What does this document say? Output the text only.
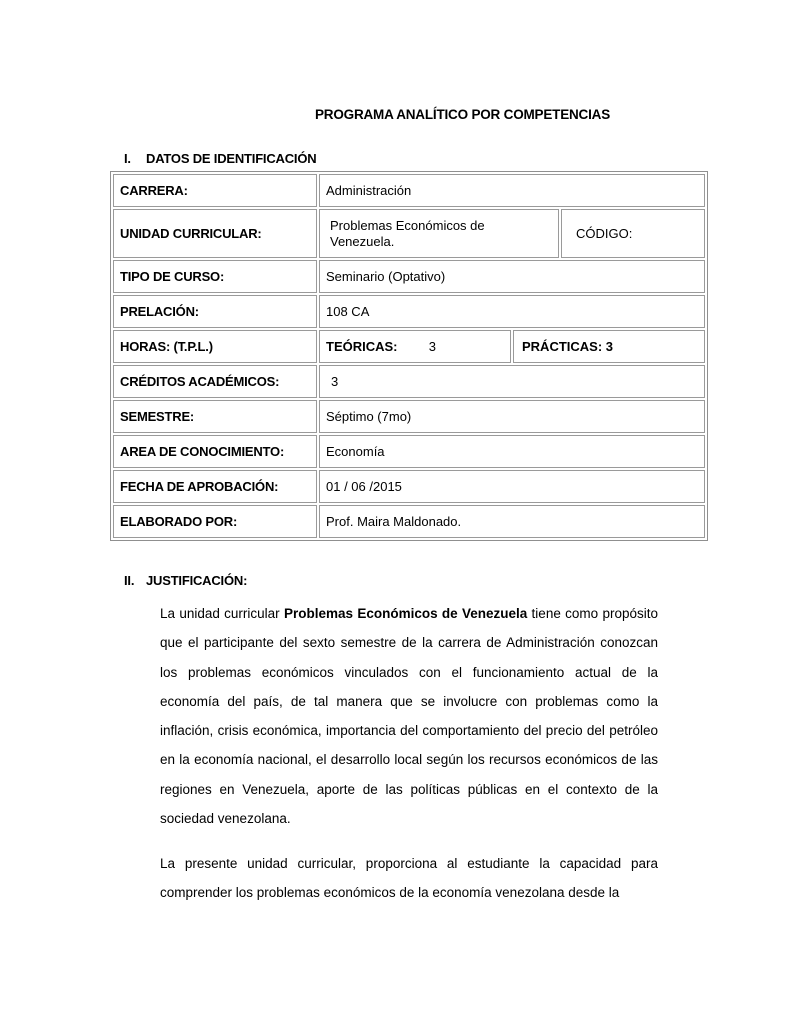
PROGRAMA ANALÍTICO POR COMPETENCIAS
I. DATOS DE IDENTIFICACIÓN
CARRERA:	Administración		
UNIDAD CURRICULAR:	Problemas Económicos de Venezuela.		CÓDIGO:
TIPO DE CURSO:	Seminario (Optativo)		
PRELACIÓN:	108 CA		
HORAS: (T.P.L.)	TEÓRICAS: 3	PRÁCTICAS: 3	
CRÉDITOS ACADÉMICOS:	3		
SEMESTRE:	Séptimo (7mo)		
AREA DE CONOCIMIENTO:	Economía		
FECHA DE APROBACIÓN:	01 / 06 /2015		
ELABORADO POR:	Prof. Maira Maldonado.		
II. JUSTIFICACIÓN:

La unidad curricular Problemas Económicos de Venezuela tiene como propósito que el participante del sexto semestre de la carrera de Administración conozcan los problemas económicos vinculados con el funcionamiento actual de la economía del país, de tal manera que se involucre con problemas como la inflación, crisis económica, importancia del comportamiento del precio del petróleo en la economía nacional, el desarrollo local según los recursos económicos de las regiones en Venezuela, aporte de las políticas públicas en el contexto de la sociedad venezolana.

La presente unidad curricular, proporciona al estudiante la capacidad para comprender los problemas económicos de la economía venezolana desde la
